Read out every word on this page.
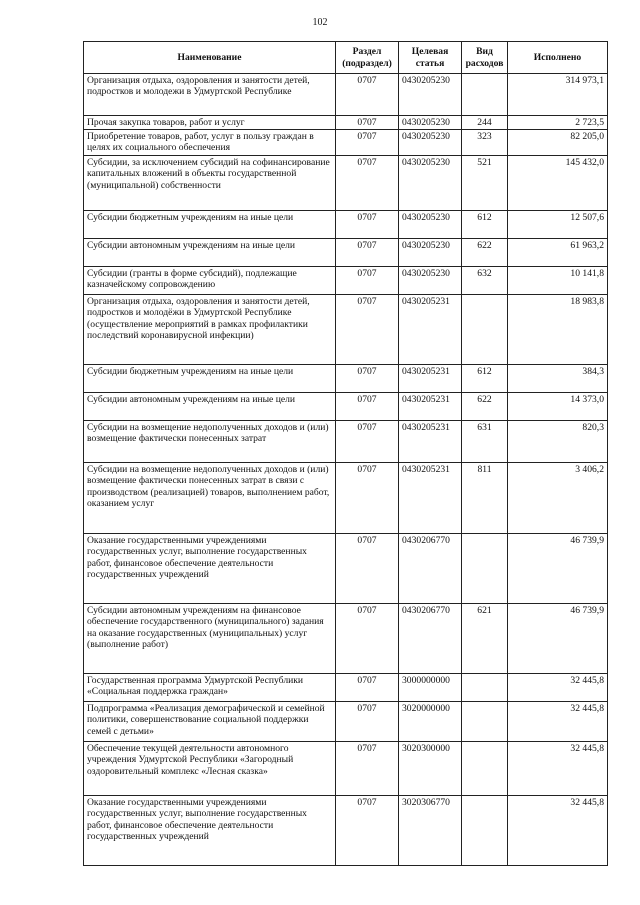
102
Наименование	Раздел (подраздел)	Целевая статья	Вид расходов	Исполнено
Организация отдыха, оздоровления и занятости детей, подростков и молодежи в Удмуртской Республике	0707	0430205230		314 973,1
Прочая закупка товаров, работ и услуг	0707	0430205230	244	2 723,5
Приобретение товаров, работ, услуг в пользу граждан в целях их социального обеспечения	0707	0430205230	323	82 205,0
Субсидии, за исключением субсидий на софинансирование капитальных вложений в объекты государственной (муниципальной) собственности	0707	0430205230	521	145 432,0
Субсидии бюджетным учреждениям на иные цели	0707	0430205230	612	12 507,6
Субсидии автономным учреждениям на иные цели	0707	0430205230	622	61 963,2
Субсидии (гранты в форме субсидий), подлежащие казначейскому сопровождению	0707	0430205230	632	10 141,8
Организация отдыха, оздоровления и занятости детей, подростков и молодёжи в Удмуртской Республике (осуществление мероприятий в рамках профилактики последствий коронавирусной инфекции)	0707	0430205231		18 983,8
Субсидии бюджетным учреждениям на иные цели	0707	0430205231	612	384,3
Субсидии автономным учреждениям на иные цели	0707	0430205231	622	14 373,0
Субсидии на возмещение недополученных доходов и (или) возмещение фактически понесенных затрат	0707	0430205231	631	820,3
Субсидии на возмещение недополученных доходов и (или) возмещение фактически понесенных затрат в связи с производством (реализацией) товаров, выполнением работ, оказанием услуг	0707	0430205231	811	3 406,2
Оказание государственными учреждениями государственных услуг, выполнение государственных работ, финансовое обеспечение деятельности государственных учреждений	0707	0430206770		46 739,9
Субсидии автономным учреждениям на финансовое обеспечение государственного (муниципального) задания на оказание государственных (муниципальных) услуг (выполнение работ)	0707	0430206770	621	46 739,9
Государственная программа Удмуртской Республики «Социальная поддержка граждан»	0707	3000000000		32 445,8
Подпрограмма «Реализация демографической и семейной политики, совершенствование социальной поддержки семей с детьми»	0707	3020000000		32 445,8
Обеспечение текущей деятельности автономного учреждения Удмуртской Республики «Загородный оздоровительный комплекс «Лесная сказка»	0707	3020300000		32 445,8
Оказание государственными учреждениями государственных услуг, выполнение государственных работ, финансовое обеспечение деятельности государственных учреждений	0707	3020306770		32 445,8
